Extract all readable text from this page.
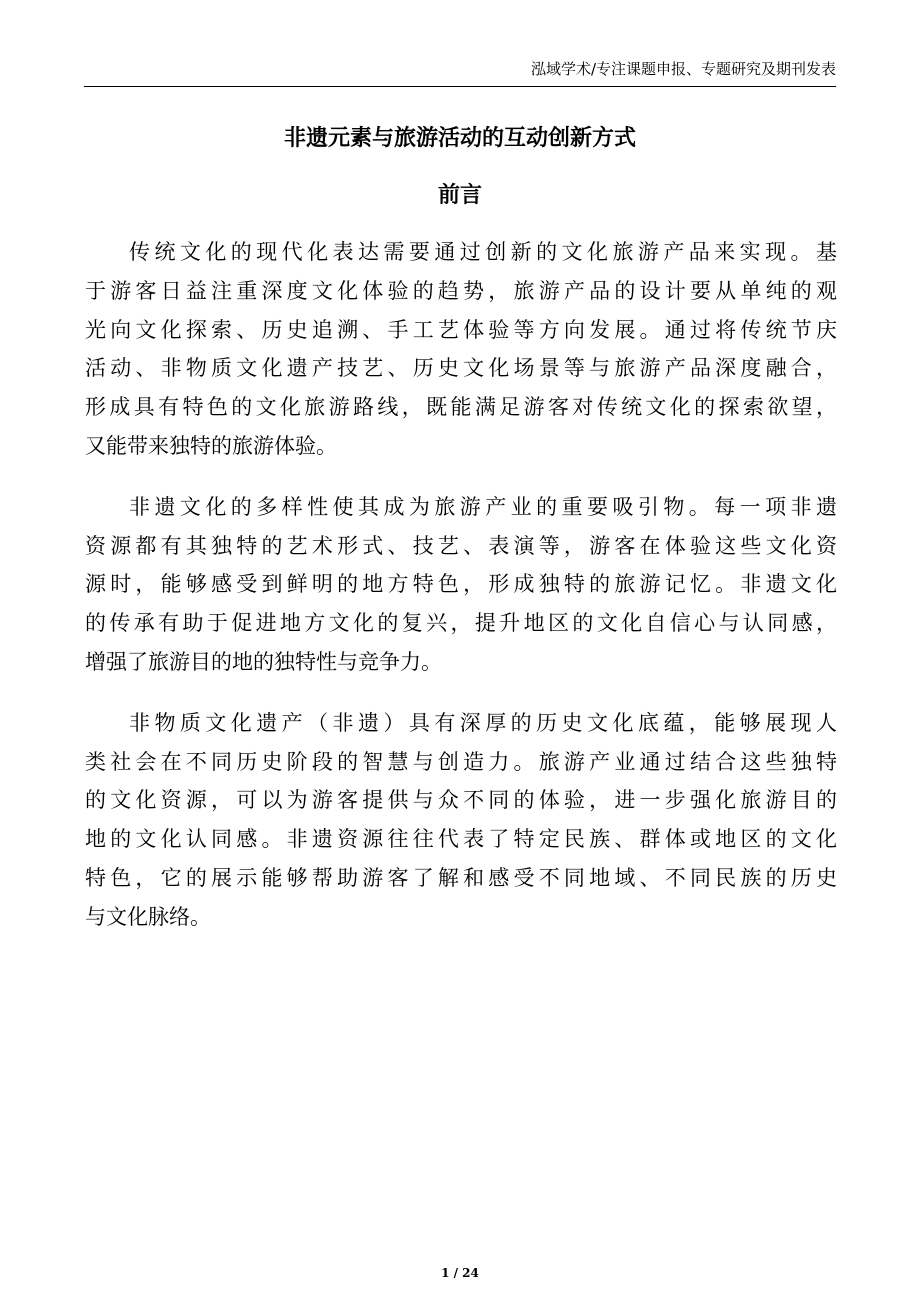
泓域学术/专注课题申报、专题研究及期刊发表
非遗元素与旅游活动的互动创新方式
前言
传统文化的现代化表达需要通过创新的文化旅游产品来实现。基
于游客日益注重深度文化体验的趋势，旅游产品的设计要从单纯的观
光向文化探索、历史追溯、手工艺体验等方向发展。通过将传统节庆
活动、非物质文化遗产技艺、历史文化场景等与旅游产品深度融合，
形成具有特色的文化旅游路线，既能满足游客对传统文化的探索欲望，
又能带来独特的旅游体验。
非遗文化的多样性使其成为旅游产业的重要吸引物。每一项非遗
资源都有其独特的艺术形式、技艺、表演等，游客在体验这些文化资
源时，能够感受到鲜明的地方特色，形成独特的旅游记忆。非遗文化
的传承有助于促进地方文化的复兴，提升地区的文化自信心与认同感，
增强了旅游目的地的独特性与竞争力。
非物质文化遗产（非遗）具有深厚的历史文化底蕴，能够展现人
类社会在不同历史阶段的智慧与创造力。旅游产业通过结合这些独特
的文化资源，可以为游客提供与众不同的体验，进一步强化旅游目的
地的文化认同感。非遗资源往往代表了特定民族、群体或地区的文化
特色，它的展示能够帮助游客了解和感受不同地域、不同民族的历史
与文化脉络。
1 / 24
